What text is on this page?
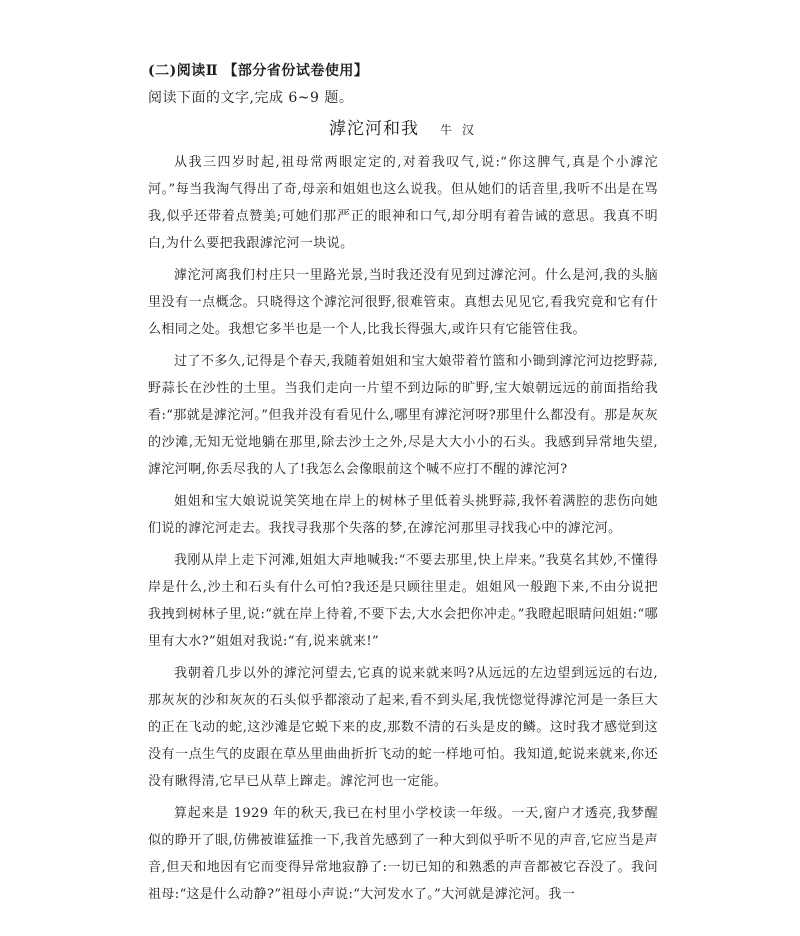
(二)阅读Ⅱ 【部分省份试卷使用】
阅读下面的文字,完成 6~9 题。
滹沱河和我 牛 汉

从我三四岁时起,祖母常两眼定定的,对着我叹气,说:“你这脾气,真是个小滹沱河。”每当我淘气得出了奇,母亲和姐姐也这么说我。但从她们的话音里,我听不出是在骂我,似乎还带着点赞美;可她们那严正的眼神和口气,却分明有着告诫的意思。我真不明白,为什么要把我跟滹沱河一块说。

滹沱河离我们村庄只一里路光景,当时我还没有见到过滹沱河。什么是河,我的头脑里没有一点概念。只晓得这个滹沱河很野,很难管束。真想去见见它,看我究竟和它有什么相同之处。我想它多半也是一个人,比我长得强大,或许只有它能管住我。

过了不多久,记得是个春天,我随着姐姐和宝大娘带着竹篮和小锄到滹沱河边挖野蒜,野蒜长在沙性的土里。当我们走向一片望不到边际的旷野,宝大娘朝远远的前面指给我看:“那就是滹沱河。”但我并没有看见什么,哪里有滹沱河呀?那里什么都没有。那是灰灰的沙滩,无知无觉地躺在那里,除去沙土之外,尽是大大小小的石头。我感到异常地失望,滹沱河啊,你丢尽我的人了!我怎么会像眼前这个喊不应打不醒的滹沱河?

姐姐和宝大娘说说笑笑地在岸上的树林子里低着头挑野蒜,我怀着满腔的悲伤向她们说的滹沱河走去。我找寻我那个失落的梦,在滹沱河那里寻找我心中的滹沱河。

我刚从岸上走下河滩,姐姐大声地喊我:“不要去那里,快上岸来。”我莫名其妙,不懂得岸是什么,沙土和石头有什么可怕?我还是只顾往里走。姐姐风一般跑下来,不由分说把我拽到树林子里,说:“就在岸上待着,不要下去,大水会把你冲走。”我瞪起眼睛问姐姐:“哪里有大水?”姐姐对我说:“有,说来就来!”

我朝着几步以外的滹沱河望去,它真的说来就来吗?从远远的左边望到远远的右边,那灰灰的沙和灰灰的石头似乎都滚动了起来,看不到头尾,我恍惚觉得滹沱河是一条巨大的正在飞动的蛇,这沙滩是它蜕下来的皮,那数不清的石头是皮的鳞。这时我才感觉到这没有一点生气的皮跟在草丛里曲曲折折飞动的蛇一样地可怕。我知道,蛇说来就来,你还没有瞅得清,它早已从草上蹿走。滹沱河也一定能。

算起来是 1929 年的秋天,我已在村里小学校读一年级。一天,窗户才透亮,我梦醒似的睁开了眼,仿佛被谁猛推一下,我首先感到了一种大到似乎听不见的声音,它应当是声音,但天和地因有它而变得异常地寂静了:一切已知的和熟悉的声音都被它吞没了。我问祖母:“这是什么动静?”祖母小声说:“大河发水了。”大河就是滹沱河。我一
